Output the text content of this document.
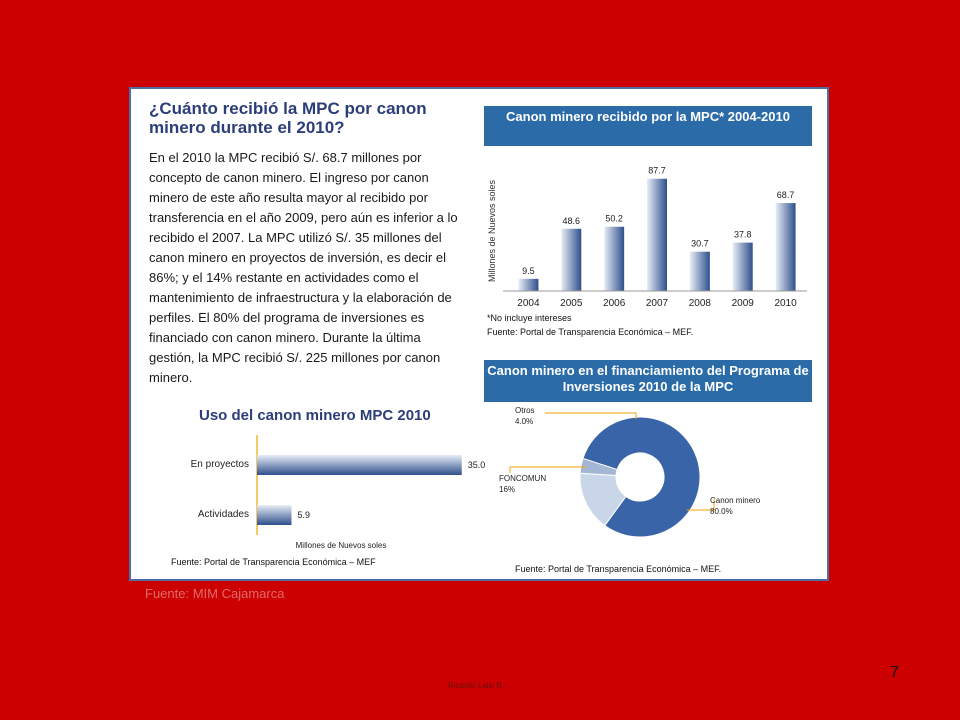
¿Cuánto recibió la MPC por canon minero durante el 2010?

En el 2010 la MPC recibió S/. 68.7 millones por concepto de canon minero. El ingreso por canon minero de este año resulta mayor al recibido por transferencia en el año 2009, pero aún es inferior a lo recibido el 2007. La MPC utilizó S/. 35 millones del canon minero en proyectos de inversión, es decir el 86%; y el 14% restante en actividades como el mantenimiento de infraestructura y la elaboración de perfiles. El 80% del programa de inversiones es financiado con canon minero. Durante la última gestión, la MPC recibió S/. 225 millones por canon minero.

Canon minero recibido por la MPC* 2004-2010
9.5
2004
48.6
2005
50.2
2006
87.7
2007
30.7
2008
37.8
2009
68.7
2010
Millones de Nuevos soles
*No incluye intereses
Fuente: Portal de Transparencia Económica – MEF.
Canon minero en el financiamiento del Programa de Inversiones 2010 de la MPC
Canon minero
80.0%
FONCOMUN
16%
Otros
4.0%
Fuente: Portal de Transparencia Económica – MEF.
Uso del canon minero MPC 2010
En proyectos	35.0
Actividades	5.9
Millones de Nuevos soles
Fuente: Portal de Transparencia Económica – MEF
Fuente: MIM Cajamarca
7
Ricardo Lalsi B.
